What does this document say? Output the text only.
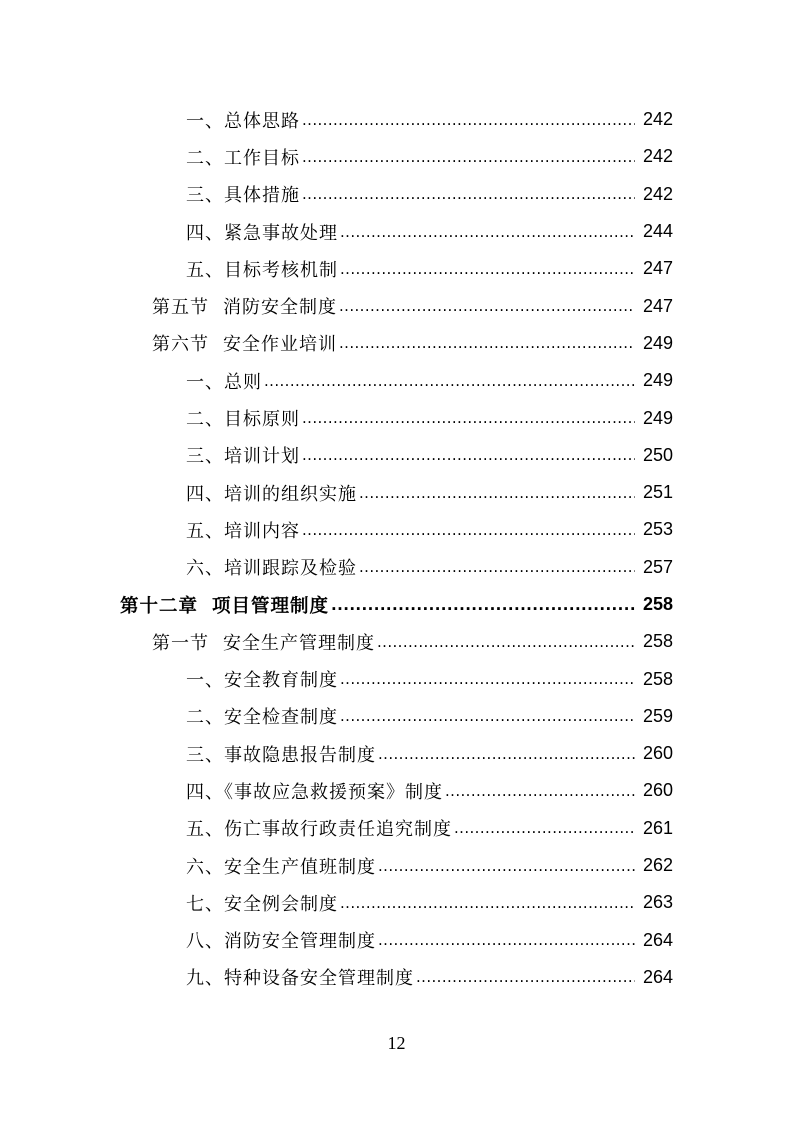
一、总体思路 .....	242
二、工作目标 .....	242
三、具体措施 .....	242
四、紧急事故处理 .....	244
五、目标考核机制 .....	247
第五节 消防安全制度 .....	247
第六节 安全作业培训 .....	249
一、总则 .....	249
二、目标原则 .....	249
三、培训计划 .....	250
四、培训的组织实施 .....	251
五、培训内容 .....	253
六、培训跟踪及检验 .....	257
第十二章 项目管理制度 .....	258
第一节 安全生产管理制度 .....	258
一、安全教育制度 .....	258
二、安全检查制度 .....	259
三、事故隐患报告制度 .....	260
四、《事故应急救援预案》制度 .....	260
五、伤亡事故行政责任追究制度 .....	261
六、安全生产值班制度 .....	262
七、安全例会制度 .....	263
八、消防安全管理制度 .....	264
九、特种设备安全管理制度 .....	264
12
